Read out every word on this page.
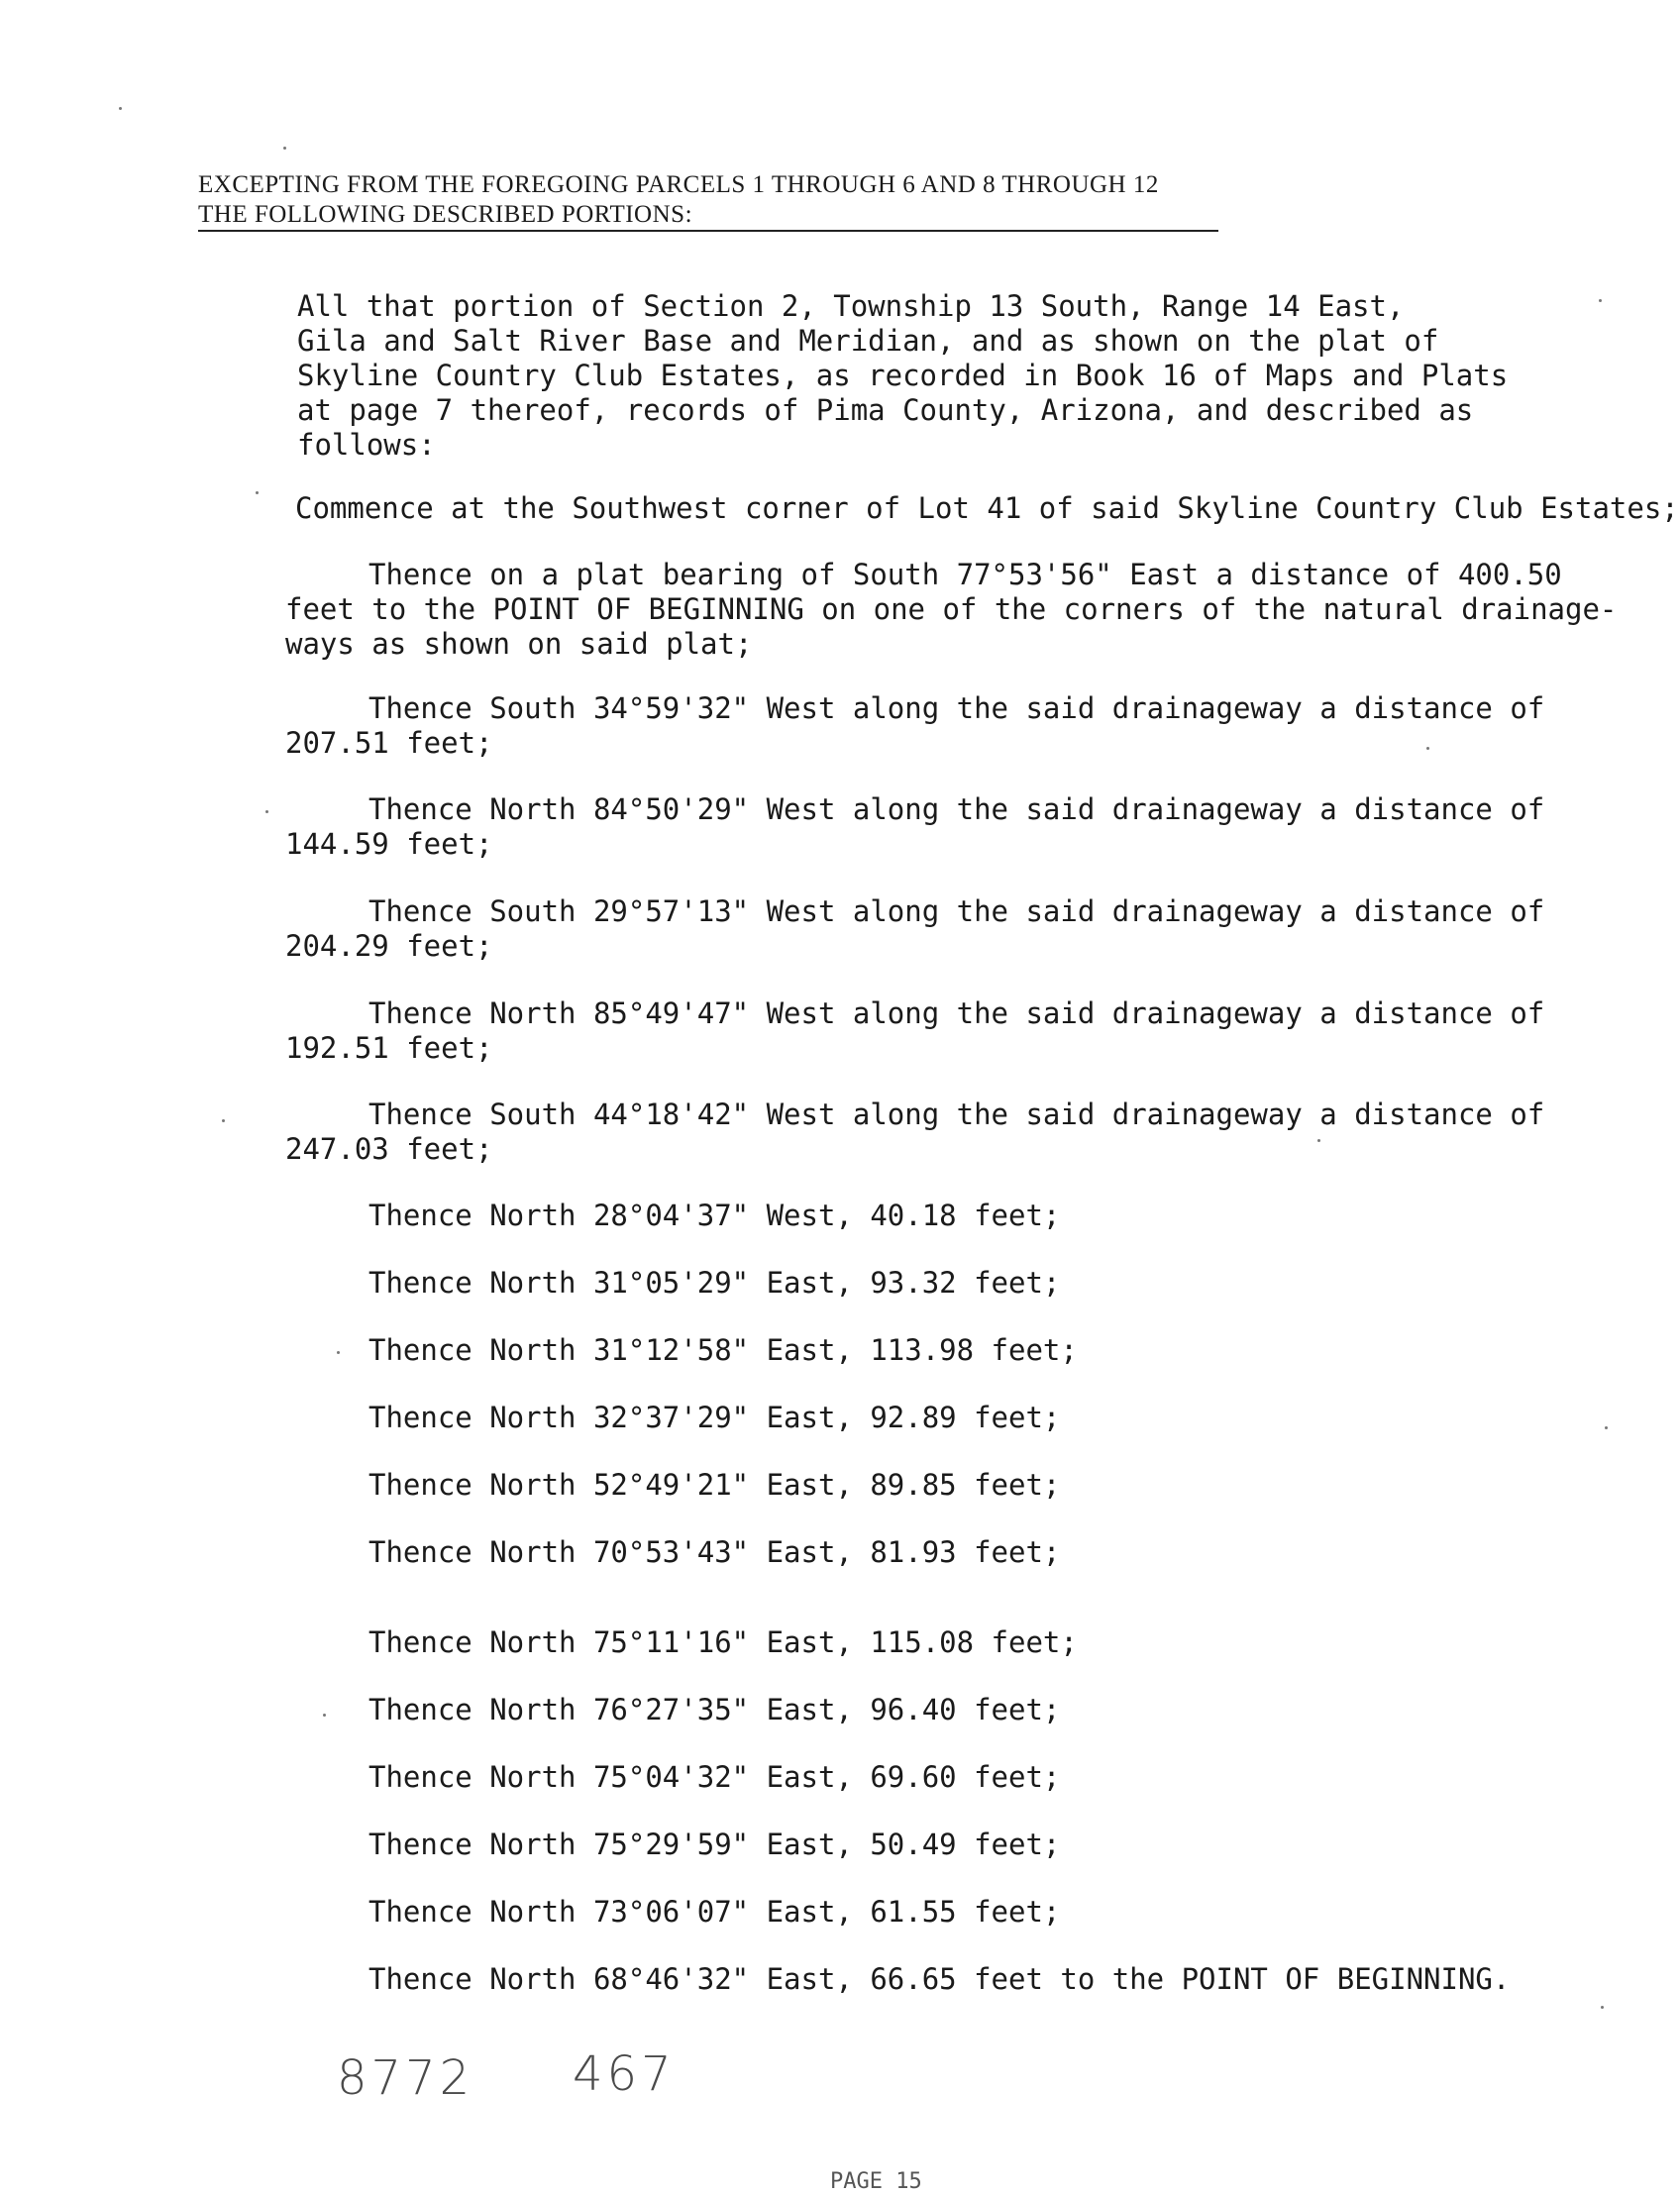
EXCEPTING FROM THE FOREGOING PARCELS 1 THROUGH 6 AND 8 THROUGH 12
THE FOLLOWING DESCRIBED PORTIONS:
All that portion of Section 2, Township 13 South, Range 14 East,
Gila and Salt River Base and Meridian, and as shown on the plat of
Skyline Country Club Estates, as recorded in Book 16 of Maps and Plats
at page 7 thereof, records of Pima County, Arizona, and described as
follows:
Commence at the Southwest corner of Lot 41 of said Skyline Country Club Estates;
Thence on a plat bearing of South 77°53'56" East a distance of 400.50
feet to the POINT OF BEGINNING on one of the corners of the natural drainage-
ways as shown on said plat;
Thence South 34°59'32" West along the said drainageway a distance of
207.51 feet;
Thence North 84°50'29" West along the said drainageway a distance of
144.59 feet;
Thence South 29°57'13" West along the said drainageway a distance of
204.29 feet;
Thence North 85°49'47" West along the said drainageway a distance of
192.51 feet;
Thence South 44°18'42" West along the said drainageway a distance of
247.03 feet;
Thence North 28°04'37" West, 40.18 feet;
Thence North 31°05'29" East, 93.32 feet;
Thence North 31°12'58" East, 113.98 feet;
Thence North 32°37'29" East, 92.89 feet;
Thence North 52°49'21" East, 89.85 feet;
Thence North 70°53'43" East, 81.93 feet;
Thence North 75°11'16" East, 115.08 feet;
Thence North 76°27'35" East, 96.40 feet;
Thence North 75°04'32" East, 69.60 feet;
Thence North 75°29'59" East, 50.49 feet;
Thence North 73°06'07" East, 61.55 feet;
Thence North 68°46'32" East, 66.65 feet to the POINT OF BEGINNING.
8772 467
PAGE 15
